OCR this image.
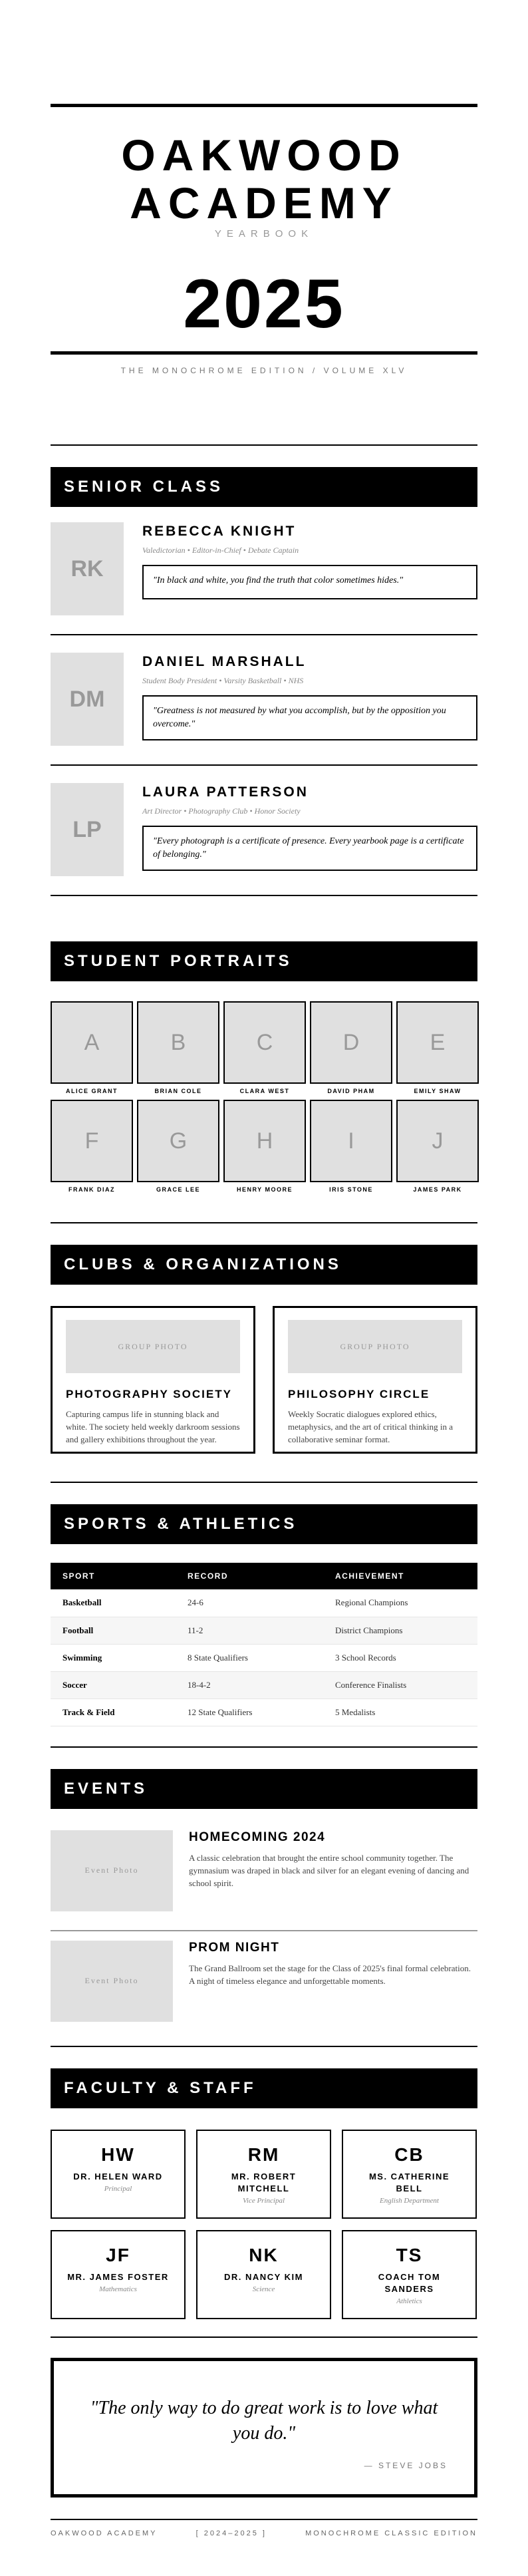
OAKWOOD
ACADEMY
YEARBOOK
2025
THE MONOCHROME EDITION / VOLUME XLV
SENIOR CLASS
RK
REBECCA KNIGHT
Valedictorian • Editor-in-Chief • Debate Captain
"In black and white, you find the truth that color sometimes hides."
DM
DANIEL MARSHALL
Student Body President • Varsity Basketball • NHS
"Greatness is not measured by what you accomplish, but by the opposition you overcome."
LP
LAURA PATTERSON
Art Director • Photography Club • Honor Society
"Every photograph is a certificate of presence. Every yearbook page is a certificate of belonging."
STUDENT PORTRAITS
A
ALICE GRANT
B
BRIAN COLE
C
CLARA WEST
D
DAVID PHAM
E
EMILY SHAW
F
FRANK DIAZ
G
GRACE LEE
H
HENRY MOORE
I
IRIS STONE
J
JAMES PARK
CLUBS & ORGANIZATIONS
GROUP PHOTO
PHOTOGRAPHY SOCIETY
Capturing campus life in stunning black and white. The society held weekly darkroom sessions and gallery exhibitions throughout the year.
GROUP PHOTO
PHILOSOPHY CIRCLE
Weekly Socratic dialogues explored ethics, metaphysics, and the art of critical thinking in a collaborative seminar format.
SPORTS & ATHLETICS
SPORT	RECORD	ACHIEVEMENT
Basketball	24-6	Regional Champions
Football	11-2	District Champions
Swimming	8 State Qualifiers	3 School Records
Soccer	18-4-2	Conference Finalists
Track & Field	12 State Qualifiers	5 Medalists
EVENTS
Event Photo
HOMECOMING 2024
A classic celebration that brought the entire school community together. The gymnasium was draped in black and silver for an elegant evening of dancing and school spirit.
Event Photo
PROM NIGHT
The Grand Ballroom set the stage for the Class of 2025's final formal celebration. A night of timeless elegance and unforgettable moments.
FACULTY & STAFF
HW
DR. HELEN WARD
Principal
RM
MR. ROBERT MITCHELL
Vice Principal
CB
MS. CATHERINE BELL
English Department
JF
MR. JAMES FOSTER
Mathematics
NK
DR. NANCY KIM
Science
TS
COACH TOM SANDERS
Athletics
"The only way to do great work is to love what you do."
— STEVE JOBS
OAKWOOD ACADEMY	[ 2024–2025 ]	MONOCHROME CLASSIC EDITION
